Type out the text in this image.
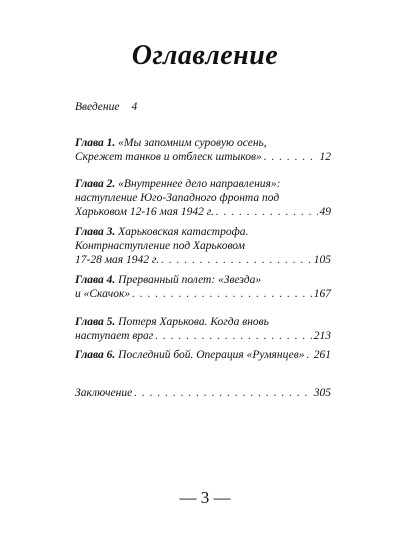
Оглавление
Введение 4
Глава 1. «Мы запомним суровую осень,
Скрежет танков и отблеск штыков» . . .	12
Глава 2. «Внутреннее дело направления»:
наступление Юго-Западного фронта под
Харьковом 12-16 мая 1942 г. . . .	49
Глава 3. Харьковская катастрофа.
Контрнаступление под Харьковом
17-28 мая 1942 г. . . .	105
Глава 4. Прерванный полет: «Звезда»
и «Скачок» . . .	167
Глава 5. Потеря Харькова. Когда вновь
наступает враг . . .	213
Глава 6. Последний бой. Операция «Румянцев» . . . 261
Заключение . . .	305
— 3 —
